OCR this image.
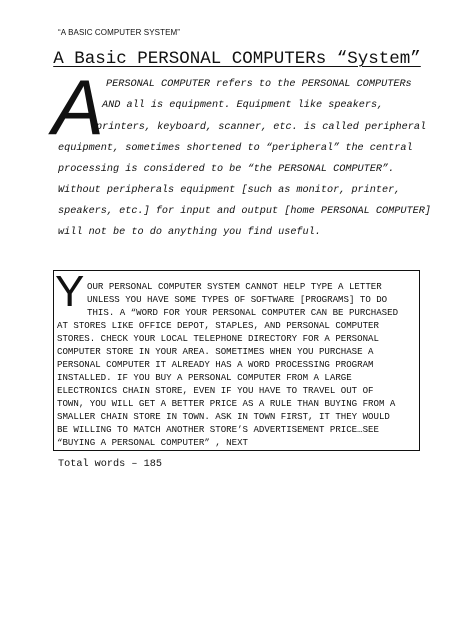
“A BASIC COMPUTER SYSTEM”
A Basic PERSONAL COMPUTERs “System”
A PERSONAL COMPUTER refers to the PERSONAL COMPUTERs
AND all is equipment. Equipment like speakers,
printers, keyboard, scanner, etc. is called peripheral
equipment, sometimes shortened to “peripheral” the central
processing is considered to be “the PERSONAL COMPUTER”.
Without peripherals equipment [such as monitor, printer,
speakers, etc.] for input and output [home PERSONAL COMPUTER]
will not be to do anything you find useful.
Y OUR PERSONAL COMPUTER SYSTEM CANNOT HELP TYPE A LETTER
UNLESS YOU HAVE SOME TYPES OF SOFTWARE [PROGRAMS] TO DO
THIS. A “WORD FOR YOUR PERSONAL COMPUTER CAN BE PURCHASED
AT STORES LIKE OFFICE DEPOT, STAPLES, AND PERSONAL COMPUTER
STORES. CHECK YOUR LOCAL TELEPHONE DIRECTORY FOR A PERSONAL
COMPUTER STORE IN YOUR AREA. SOMETIMES WHEN YOU PURCHASE A
PERSONAL COMPUTER IT ALREADY HAS A WORD PROCESSING PROGRAM
INSTALLED. IF YOU BUY A PERSONAL COMPUTER FROM A LARGE
ELECTRONICS CHAIN STORE, EVEN IF YOU HAVE TO TRAVEL OUT OF
TOWN, YOU WILL GET A BETTER PRICE AS A RULE THAN BUYING FROM A
SMALLER CHAIN STORE IN TOWN. ASK IN TOWN FIRST, IT THEY WOULD
BE WILLING TO MATCH ANOTHER STORE’S ADVERTISEMENT PRICE…SEE
“BUYING A PERSONAL COMPUTER” , NEXT
Total words – 185
